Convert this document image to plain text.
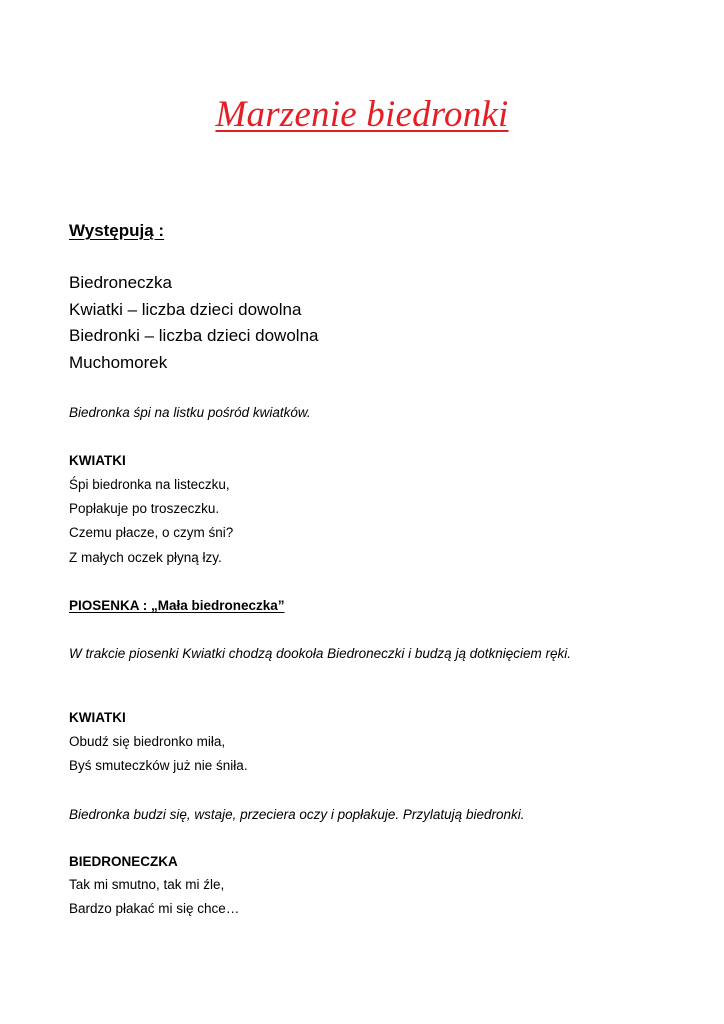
Marzenie biedronki

Występują :

Biedroneczka
Kwiatki – liczba dzieci dowolna
Biedronki – liczba dzieci dowolna
Muchomorek

Biedronka śpi na listku pośród kwiatków.

KWIATKI

Śpi biedronka na listeczku,
Popłakuje po troszeczku.
Czemu płacze, o czym śni?
Z małych oczek płyną łzy.

PIOSENKA : „Mała biedroneczka”

W trakcie piosenki Kwiatki chodzą dookoła Biedroneczki i budzą ją dotknięciem ręki.

KWIATKI

Obudź się biedronko miła,
Byś smuteczków już nie śniła.

Biedronka budzi się, wstaje, przeciera oczy i popłakuje. Przylatują biedronki.

BIEDRONECZKA

Tak mi smutno, tak mi źle,
Bardzo płakać mi się chce…
